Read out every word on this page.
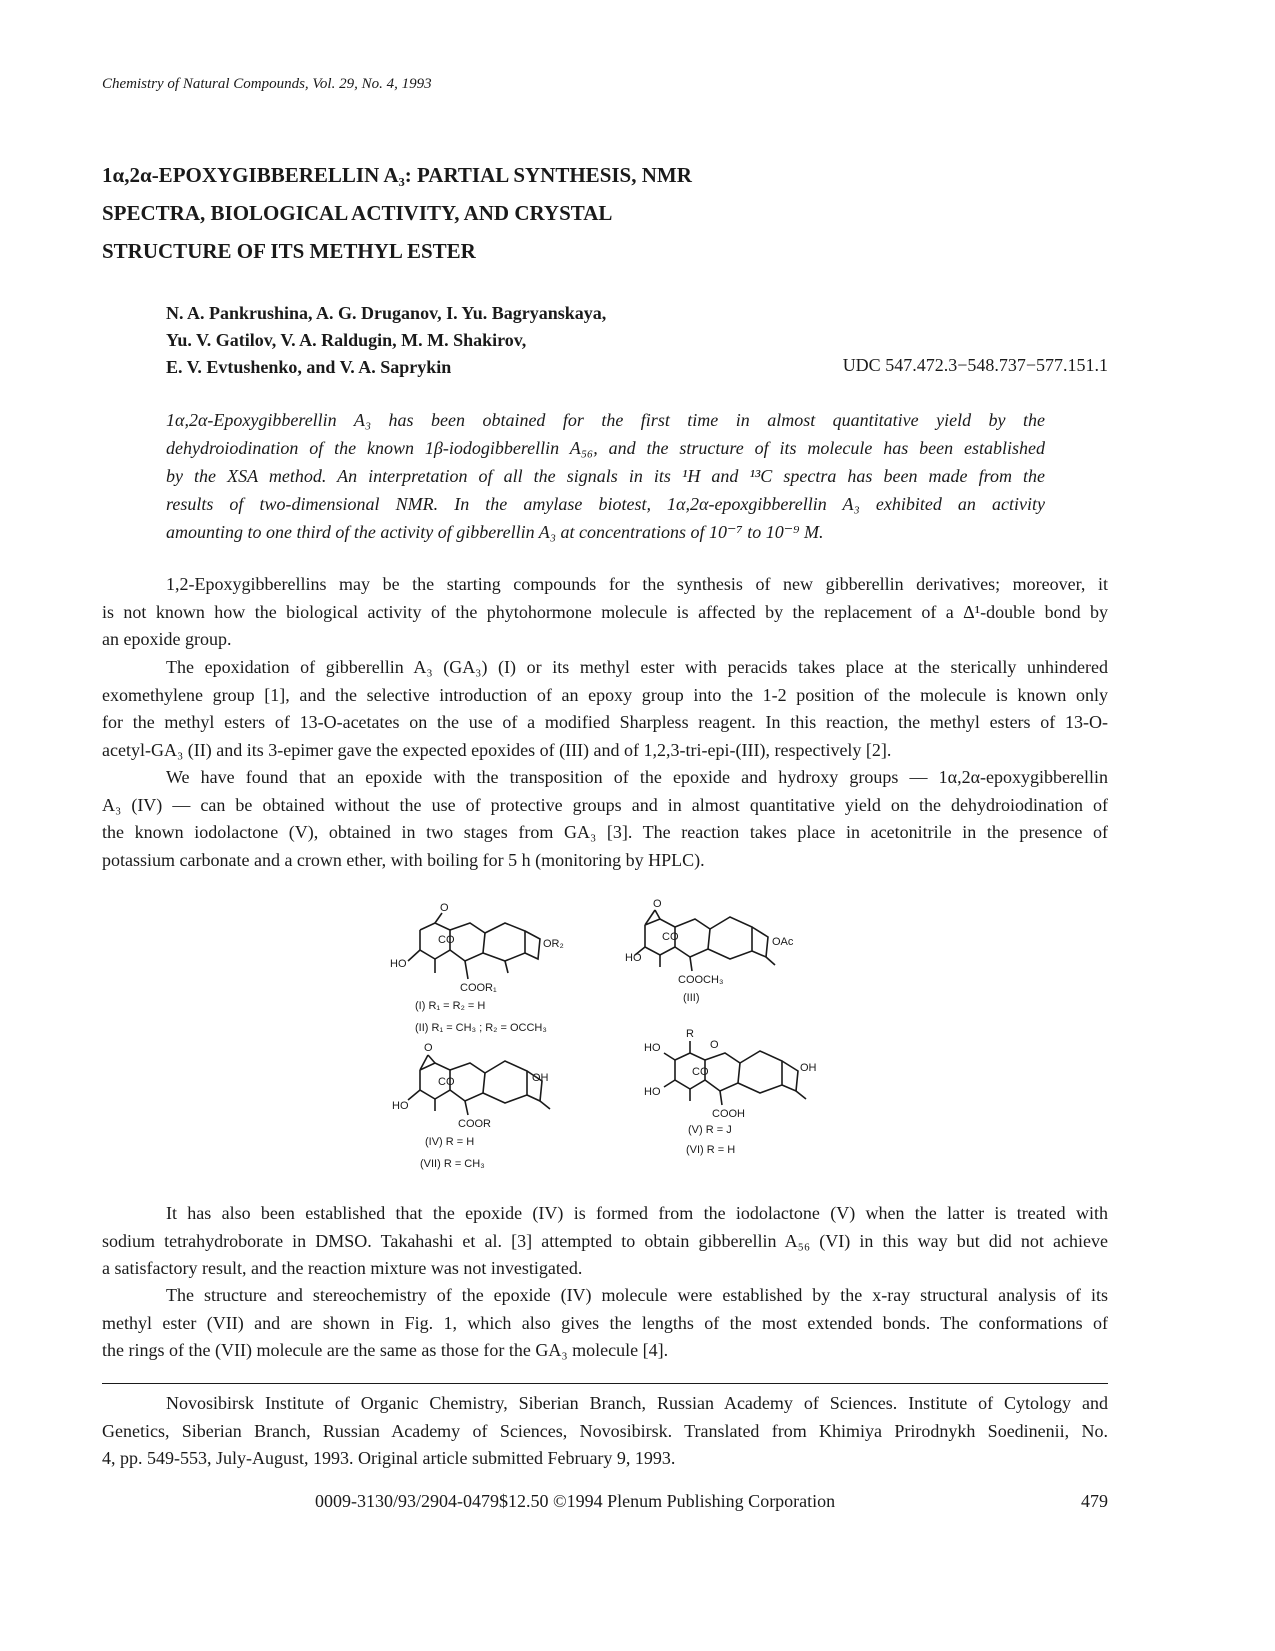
Chemistry of Natural Compounds, Vol. 29, No. 4, 1993
1α,2α-EPOXYGIBBERELLIN A₃: PARTIAL SYNTHESIS, NMR
SPECTRA, BIOLOGICAL ACTIVITY, AND CRYSTAL
STRUCTURE OF ITS METHYL ESTER
N. A. Pankrushina, A. G. Druganov, I. Yu. Bagryanskaya,
Yu. V. Gatilov, V. A. Raldugin, M. M. Shakirov,
E. V. Evtushenko, and V. A. Saprykin	UDC 547.472.3−548.737−577.151.1
1α,2α-Epoxygibberellin A₃ has been obtained for the first time in almost quantitative yield by the
dehydroiodination of the known 1β-iodogibberellin A₅₆, and the structure of its molecule has been established
by the XSA method. An interpretation of all the signals in its ¹H and ¹³C spectra has been made from the
results of two-dimensional NMR. In the amylase biotest, 1α,2α-epoxgibberellin A₃ exhibited an activity
amounting to one third of the activity of gibberellin A₃ at concentrations of 10⁻⁷ to 10⁻⁹ M.
1,2-Epoxygibberellins may be the starting compounds for the synthesis of new gibberellin derivatives; moreover, it
is not known how the biological activity of the phytohormone molecule is affected by the replacement of a Δ¹-double bond by
an epoxide group.
The epoxidation of gibberellin A₃ (GA₃) (I) or its methyl ester with peracids takes place at the sterically unhindered
exomethylene group [1], and the selective introduction of an epoxy group into the 1-2 position of the molecule is known only
for the methyl esters of 13-O-acetates on the use of a modified Sharpless reagent. In this reaction, the methyl esters of 13-O-
acetyl-GA₃ (II) and its 3-epimer gave the expected epoxides of (III) and of 1,2,3-tri-epi-(III), respectively [2].
We have found that an epoxide with the transposition of the epoxide and hydroxy groups — 1α,2α-epoxygibberellin
A₃ (IV) — can be obtained without the use of protective groups and in almost quantitative yield on the dehydroiodination of
the known iodolactone (V), obtained in two stages from GA₃ [3]. The reaction takes place in acetonitrile in the presence of
potassium carbonate and a crown ether, with boiling for 5 h (monitoring by HPLC).
HO
CO
O
OR₂
COOR₁
(I) R₁ = R₂ = H
(II) R₁ = CH₃ ; R₂ = OCCH₃
HO
O
CO	OAc
COOCH₃
(III)
HO
O
CO	OH
COOR
(IV) R = H
(VII) R = CH₃
R
O
HO
HO
CO	OH
COOH
(V) R = J
(VI) R = H
It has also been established that the epoxide (IV) is formed from the iodolactone (V) when the latter is treated with
sodium tetrahydroborate in DMSO. Takahashi et al. [3] attempted to obtain gibberellin A₅₆ (VI) in this way but did not achieve
a satisfactory result, and the reaction mixture was not investigated.
The structure and stereochemistry of the epoxide (IV) molecule were established by the x-ray structural analysis of its
methyl ester (VII) and are shown in Fig. 1, which also gives the lengths of the most extended bonds. The conformations of
the rings of the (VII) molecule are the same as those for the GA₃ molecule [4].
Novosibirsk Institute of Organic Chemistry, Siberian Branch, Russian Academy of Sciences. Institute of Cytology and
Genetics, Siberian Branch, Russian Academy of Sciences, Novosibirsk. Translated from Khimiya Prirodnykh Soedinenii, No.
4, pp. 549-553, July-August, 1993. Original article submitted February 9, 1993.
0009-3130/93/2904-0479$12.50 ©1994 Plenum Publishing Corporation	479
